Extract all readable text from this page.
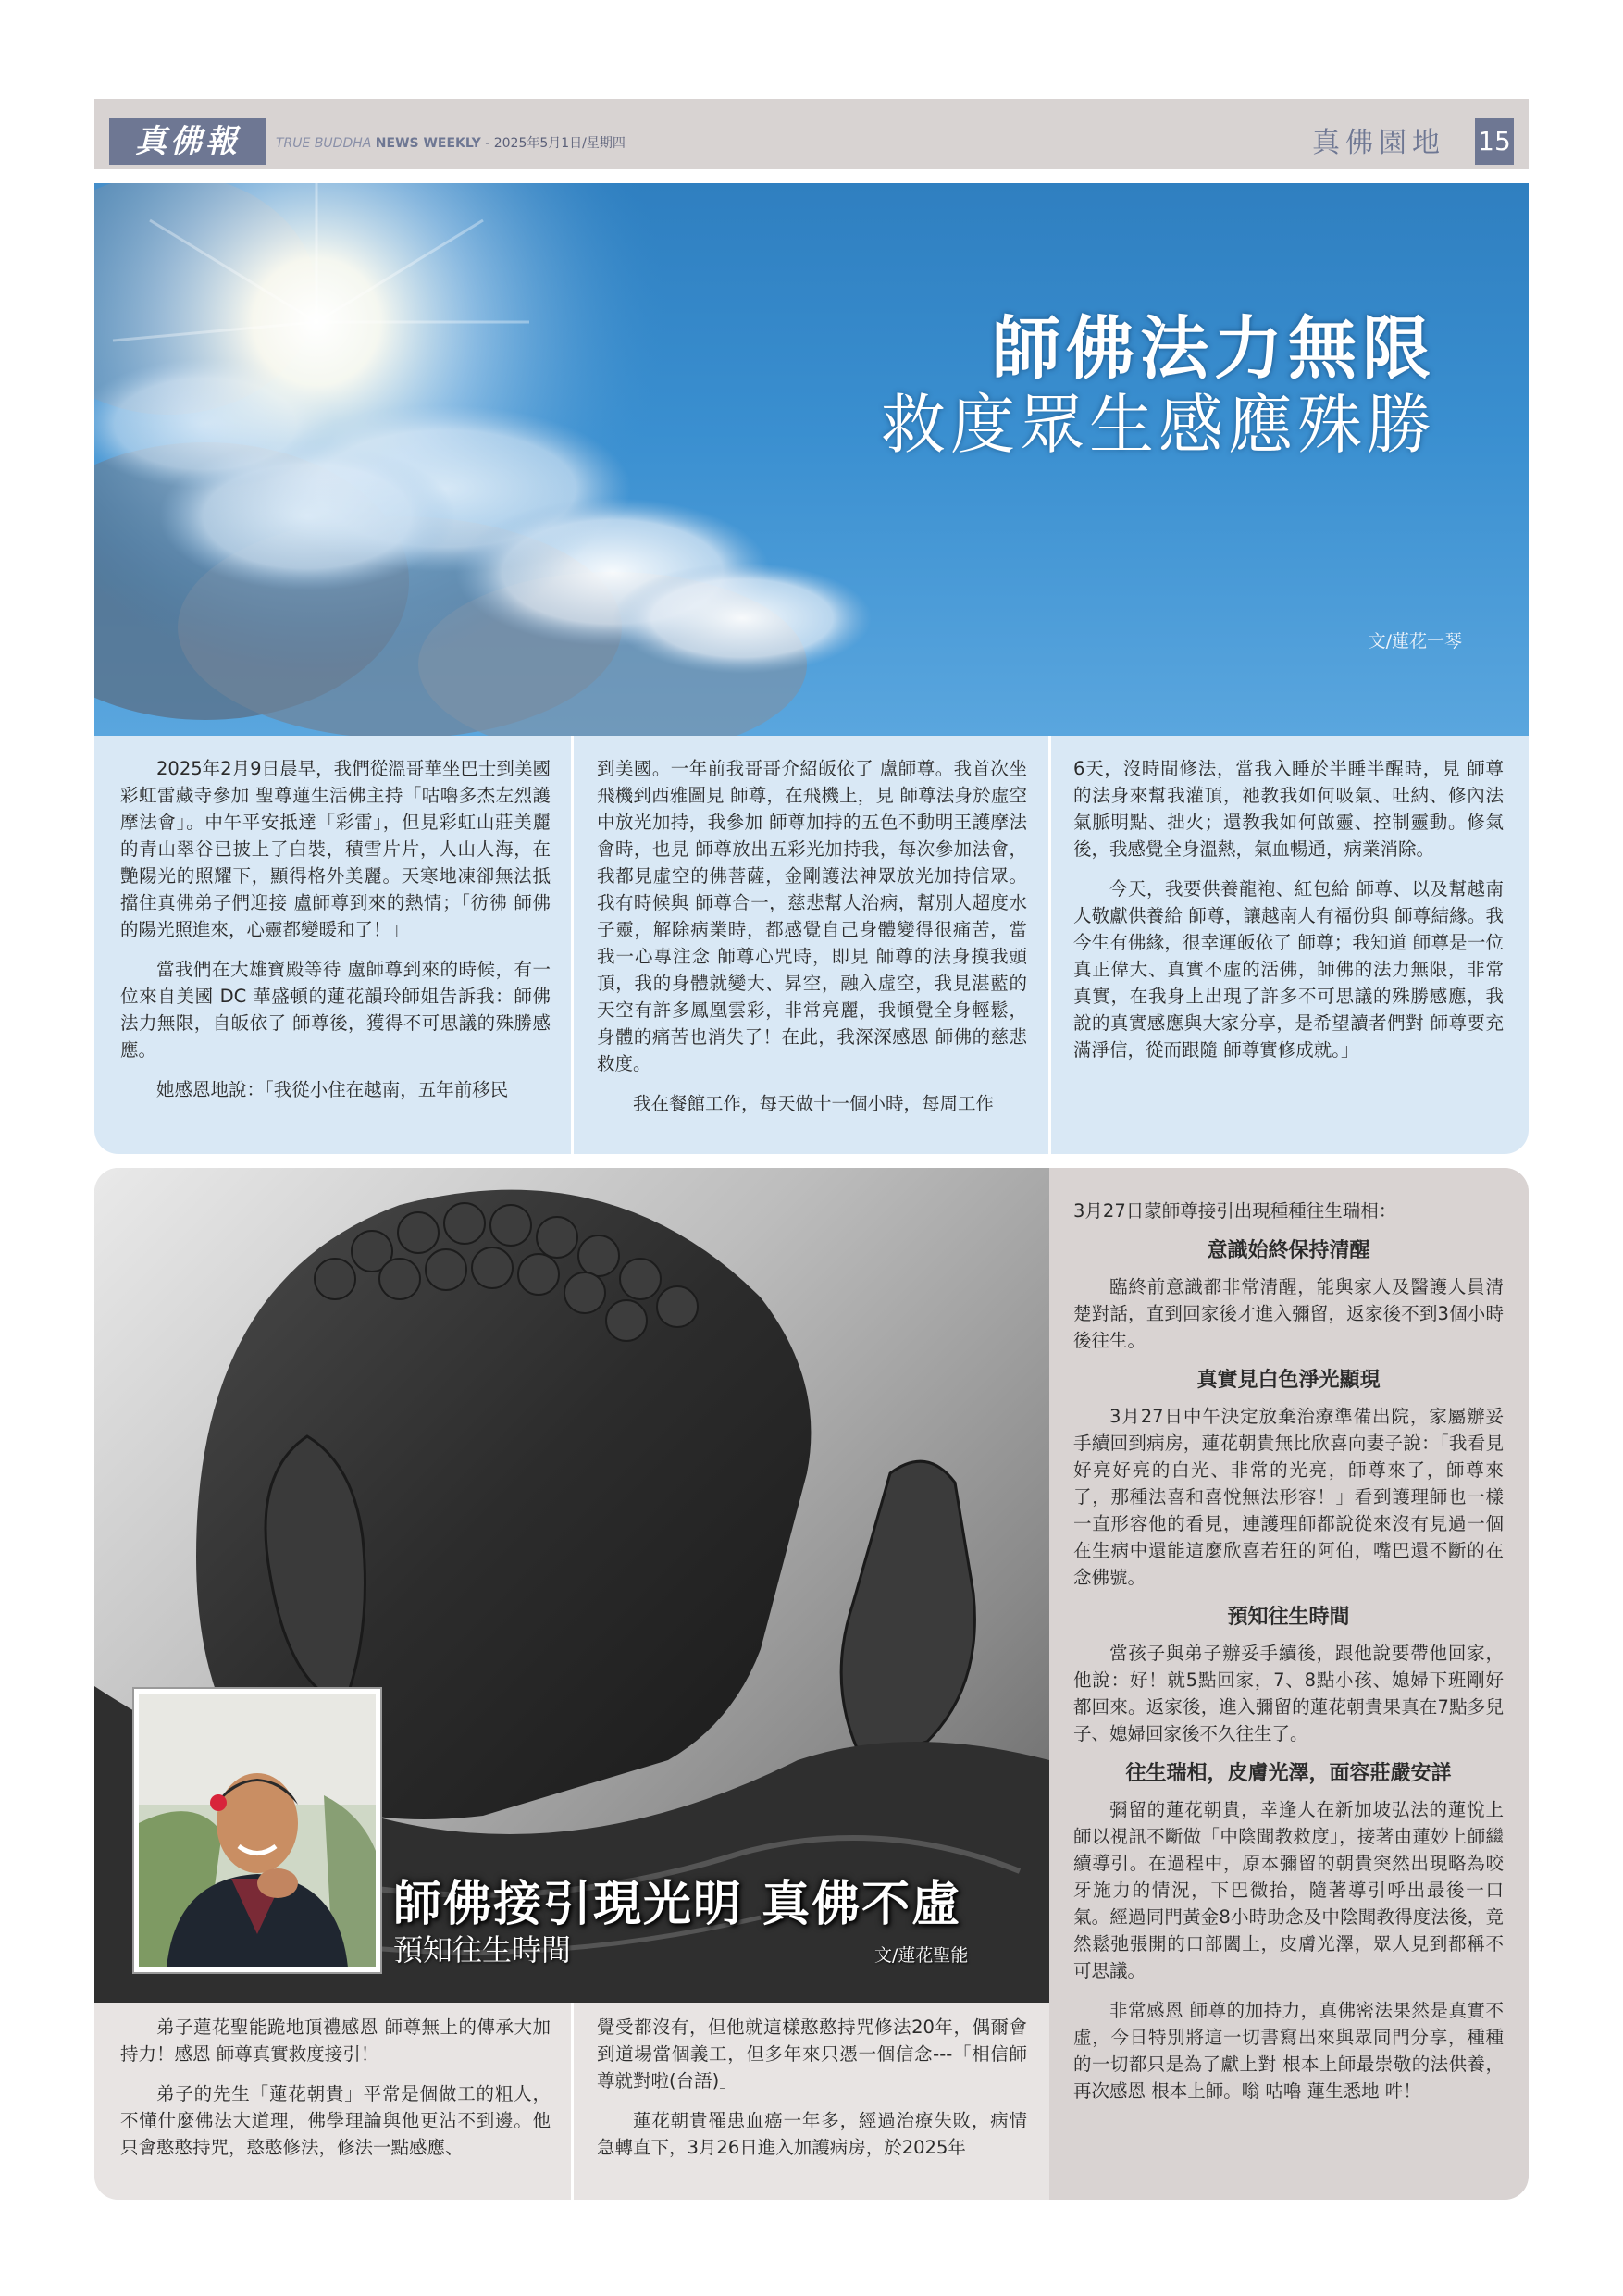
真佛報	TRUE BUDDHA NEWS WEEKLY - 2025年5月1日/星期四	真佛園地 15
師佛法力無限
救度眾生感應殊勝
文/蓮花一琴

2025年2月9日晨早，我們從溫哥華坐巴士到美國彩虹雷藏寺參加 聖尊蓮生活佛主持「咕嚕多杰左烈護摩法會」。中午平安抵達「彩雷」，但見彩虹山莊美麗的青山翠谷已披上了白裝，積雪片片，人山人海，在艷陽光的照耀下，顯得格外美麗。天寒地凍卻無法抵擋住真佛弟子們迎接 盧師尊到來的熱情；「彷彿 師佛的陽光照進來，心靈都變暖和了！」

當我們在大雄寶殿等待 盧師尊到來的時候，有一位來自美國 DC 華盛頓的蓮花韻玲師姐告訴我：師佛法力無限，自皈依了 師尊後，獲得不可思議的殊勝感應。

她感恩地說：「我從小住在越南，五年前移民

到美國。一年前我哥哥介紹皈依了 盧師尊。我首次坐飛機到西雅圖見 師尊，在飛機上，見 師尊法身於虛空中放光加持，我參加 師尊加持的五色不動明王護摩法會時，也見 師尊放出五彩光加持我，每次參加法會，我都見虛空的佛菩薩，金剛護法神眾放光加持信眾。我有時候與 師尊合一，慈悲幫人治病，幫別人超度水子靈，解除病業時，都感覺自己身體變得很痛苦，當我一心專注念 師尊心咒時，即見 師尊的法身摸我頭頂，我的身體就變大、昇空，融入虛空，我見湛藍的天空有許多鳳凰雲彩，非常亮麗，我頓覺全身輕鬆，身體的痛苦也消失了！在此，我深深感恩 師佛的慈悲救度。

我在餐館工作，每天做十一個小時，每周工作

6天，沒時間修法，當我入睡於半睡半醒時，見 師尊的法身來幫我灌頂，祂教我如何吸氣、吐納、修內法氣脈明點、拙火；還教我如何啟靈、控制靈動。修氣後，我感覺全身溫熱，氣血暢通，病業消除。

今天，我要供養龍袍、紅包給 師尊、以及幫越南人敬獻供養給 師尊，讓越南人有福份與 師尊結緣。我今生有佛緣，很幸運皈依了 師尊；我知道 師尊是一位真正偉大、真實不虛的活佛，師佛的法力無限，非常真實，在我身上出現了許多不可思議的殊勝感應，我說的真實感應與大家分享，是希望讀者們對 師尊要充滿淨信，從而跟隨 師尊實修成就。」

師佛接引現光明 真佛不虛
預知往生時間	文/蓮花聖能

弟子蓮花聖能跪地頂禮感恩 師尊無上的傳承大加持力！感恩 師尊真實救度接引！

弟子的先生「蓮花朝貴」平常是個做工的粗人，不懂什麼佛法大道理，佛學理論與他更沾不到邊。他只會憨憨持咒，憨憨修法，修法一點感應、

覺受都沒有，但他就這樣憨憨持咒修法20年，偶爾會到道場當個義工，但多年來只憑一個信念---「相信師尊就對啦(台語)」

蓮花朝貴罹患血癌一年多，經過治療失敗，病情急轉直下，3月26日進入加護病房，於2025年

3月27日蒙師尊接引出現種種往生瑞相：

意識始終保持清醒

臨終前意識都非常清醒，能與家人及醫護人員清楚對話，直到回家後才進入彌留，返家後不到3個小時後往生。

真實見白色淨光顯現

3月27日中午決定放棄治療準備出院，家屬辦妥手續回到病房，蓮花朝貴無比欣喜向妻子說：「我看見好亮好亮的白光、非常的光亮，師尊來了，師尊來了，那種法喜和喜悅無法形容！」看到護理師也一樣一直形容他的看見，連護理師都說從來沒有見過一個在生病中還能這麼欣喜若狂的阿伯，嘴巴還不斷的在念佛號。

預知往生時間

當孩子與弟子辦妥手續後，跟他說要帶他回家，他說：好！就5點回家，7、8點小孩、媳婦下班剛好都回來。返家後，進入彌留的蓮花朝貴果真在7點多兒子、媳婦回家後不久往生了。

往生瑞相，皮膚光澤，面容莊嚴安詳

彌留的蓮花朝貴，幸逢人在新加坡弘法的蓮悅上師以視訊不斷做「中陰聞教救度」，接著由蓮妙上師繼續導引。在過程中，原本彌留的朝貴突然出現略為咬牙施力的情況，下巴微抬，隨著導引呼出最後一口氣。經過同門黃金8小時助念及中陰聞教得度法後，竟然鬆弛張開的口部闔上，皮膚光澤，眾人見到都稱不可思議。

非常感恩 師尊的加持力，真佛密法果然是真實不虛，今日特別將這一切書寫出來與眾同門分享，種種的一切都只是為了獻上對 根本上師最崇敬的法供養，再次感恩 根本上師。嗡 咕嚕 蓮生悉地 吽！
